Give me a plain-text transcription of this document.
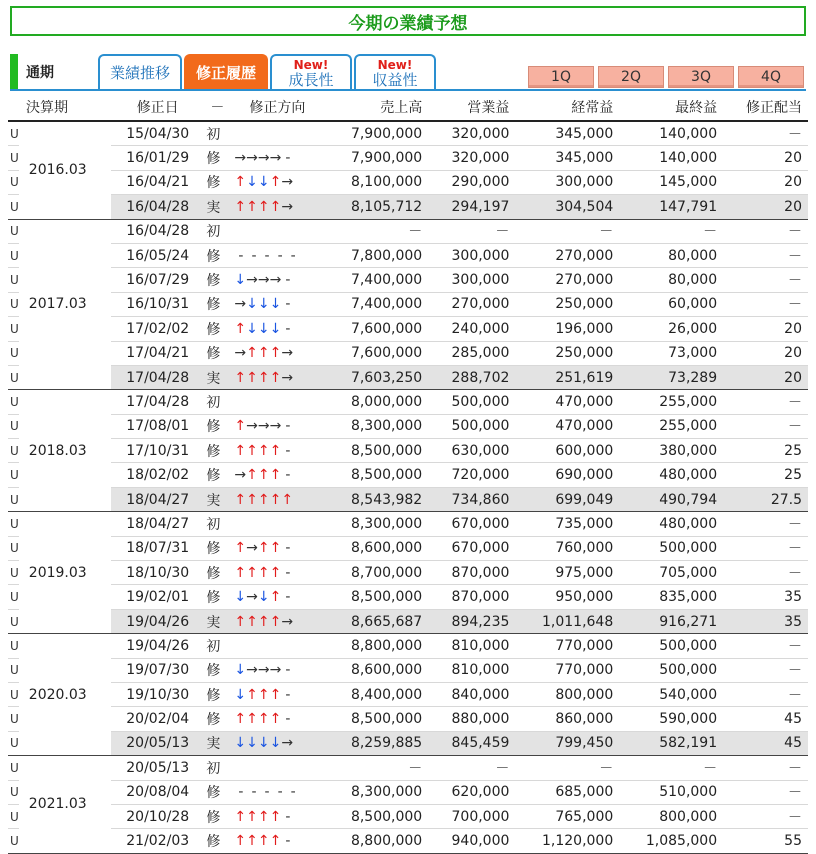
今期の業績予想
通期	業績推移 修正履歴	New!
成長性
New!
収益性	1Q	2Q	3Q	4Q
決算期		修正日	－	修正方向	売上高	営業益	経常益	最終益	修正配当
U	2016.03	15/04/30	初		7,900,000	320,000	345,000	140,000	－
U		16/01/29	修	→→→→ -	7,900,000	320,000	345,000	140,000	20
U		16/04/21	修	↑↓↓↑→	8,100,000	290,000	300,000	145,000	20
U		16/04/28	実	↑↑↑↑→	8,105,712	294,197	304,504	147,791	20
U	2017.03	16/04/28	初		－	－	－	－	－
U		16/05/24	修	- - - - -	7,800,000	300,000	270,000	80,000	－
U		16/07/29	修	↓→→→ -	7,400,000	300,000	270,000	80,000	－
U		16/10/31	修	→↓↓↓ -	7,400,000	270,000	250,000	60,000	－
U		17/02/02	修	↑↓↓↓ -	7,600,000	240,000	196,000	26,000	20
U		17/04/21	修	→↑↑↑→	7,600,000	285,000	250,000	73,000	20
U		17/04/28	実	↑↑↑↑→	7,603,250	288,702	251,619	73,289	20
U	2018.03	17/04/28	初		8,000,000	500,000	470,000	255,000	－
U		17/08/01	修	↑→→→ -	8,300,000	500,000	470,000	255,000	－
U		17/10/31	修	↑↑↑↑ -	8,500,000	630,000	600,000	380,000	25
U		18/02/02	修	→↑↑↑ -	8,500,000	720,000	690,000	480,000	25
U		18/04/27	実	↑↑↑↑↑	8,543,982	734,860	699,049	490,794	27.5
U	2019.03	18/04/27	初		8,300,000	670,000	735,000	480,000	－
U		18/07/31	修	↑→↑↑ -	8,600,000	670,000	760,000	500,000	－
U		18/10/30	修	↑↑↑↑ -	8,700,000	870,000	975,000	705,000	－
U		19/02/01	修	↓→↓↑ -	8,500,000	870,000	950,000	835,000	35
U		19/04/26	実	↑↑↑↑→	8,665,687	894,235	1,011,648	916,271	35
U	2020.03	19/04/26	初		8,800,000	810,000	770,000	500,000	－
U		19/07/30	修	↓→→→ -	8,600,000	810,000	770,000	500,000	－
U		19/10/30	修	↓↑↑↑ -	8,400,000	840,000	800,000	540,000	－
U		20/02/04	修	↑↑↑↑ -	8,500,000	880,000	860,000	590,000	45
U		20/05/13	実	↓↓↓↓→	8,259,885	845,459	799,450	582,191	45
U	2021.03	20/05/13	初		－	－	－	－	－
U		20/08/04	修	- - - - -	8,300,000	620,000	685,000	510,000	－
U		20/10/28	修	↑↑↑↑ -	8,500,000	700,000	765,000	800,000	－
U		21/02/03	修	↑↑↑↑ -	8,800,000	940,000	1,120,000	1,085,000	55
